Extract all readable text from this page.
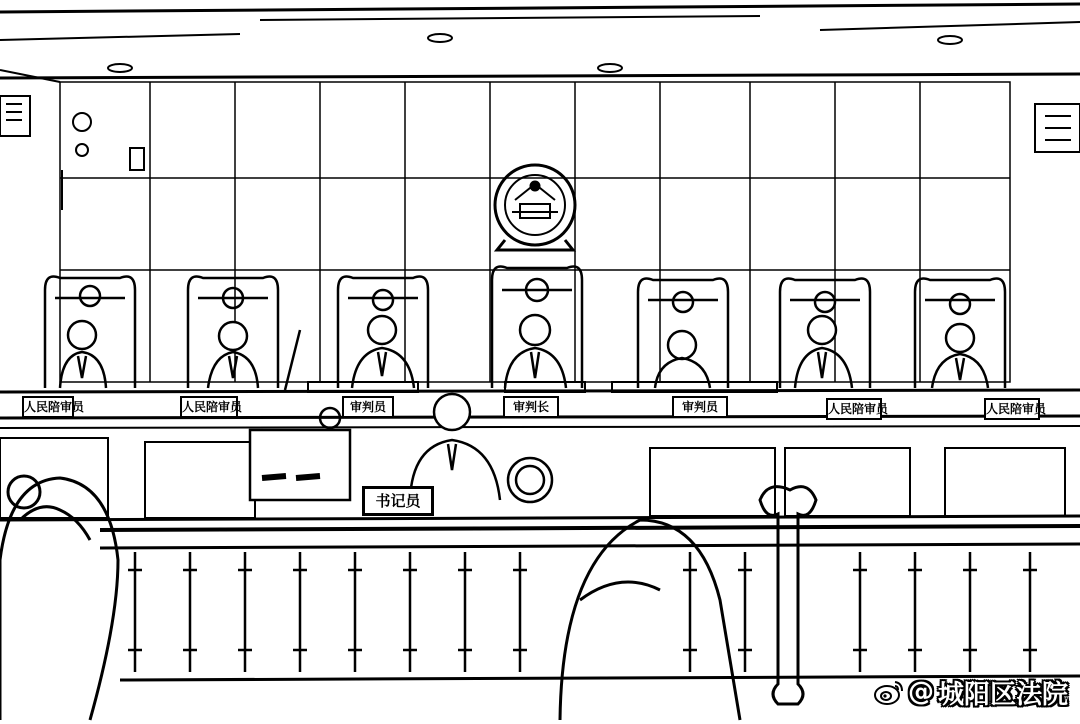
人民陪审员	人民陪审员	审判员	审判长	审判员	人民陪审员	人民陪审员
书记员
@ 城阳区法院
